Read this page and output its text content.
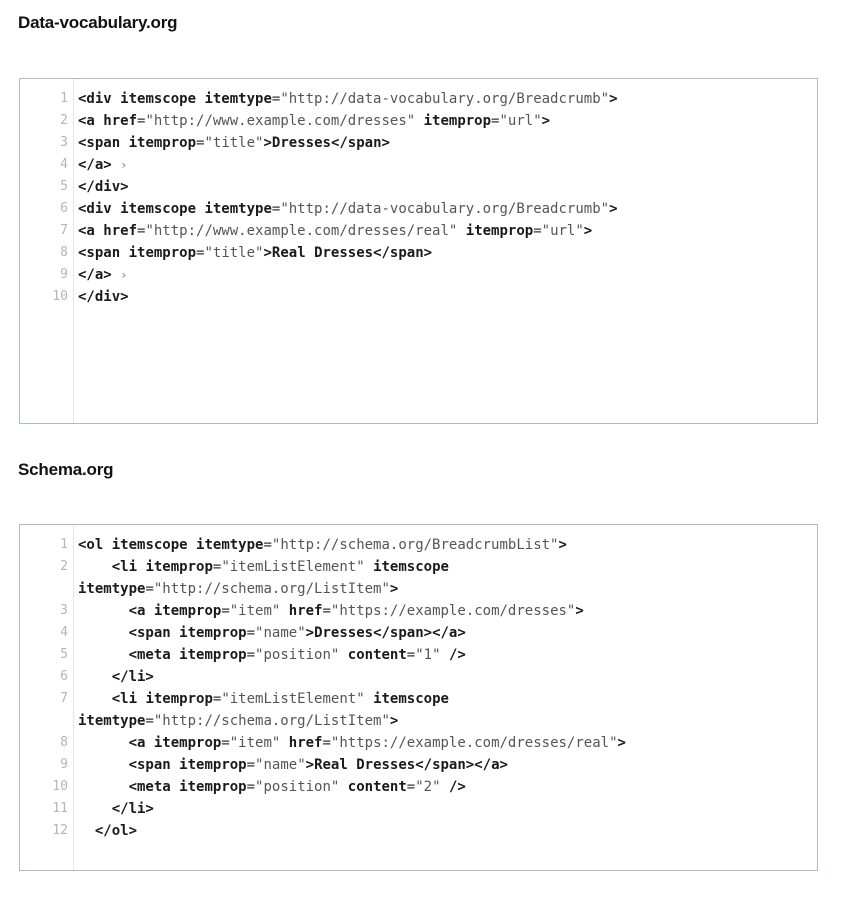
Data-vocabulary.org
1 <div itemscope itemtype="http://data-vocabulary.org/Breadcrumb">
2 <a href="http://www.example.com/dresses" itemprop="url">
3 <span itemprop="title">Dresses</span>
4 </a> ›
5 </div>
6 <div itemscope itemtype="http://data-vocabulary.org/Breadcrumb">
7 <a href="http://www.example.com/dresses/real" itemprop="url">
8 <span itemprop="title">Real Dresses</span>
9 </a> ›
10 </div>
Schema.org
1 <ol itemscope itemtype="http://schema.org/BreadcrumbList">
2	<li itemprop="itemListElement" itemscope
itemtype="http://schema.org/ListItem">
3	<a itemprop="item" href="https://example.com/dresses">
4	<span itemprop="name">Dresses</span></a>
5	<meta itemprop="position" content="1" />
6	</li>
7	<li itemprop="itemListElement" itemscope
itemtype="http://schema.org/ListItem">
8	<a itemprop="item" href="https://example.com/dresses/real">
9	<span itemprop="name">Real Dresses</span></a>
10	<meta itemprop="position" content="2" />
11	</li>
12	</ol>
